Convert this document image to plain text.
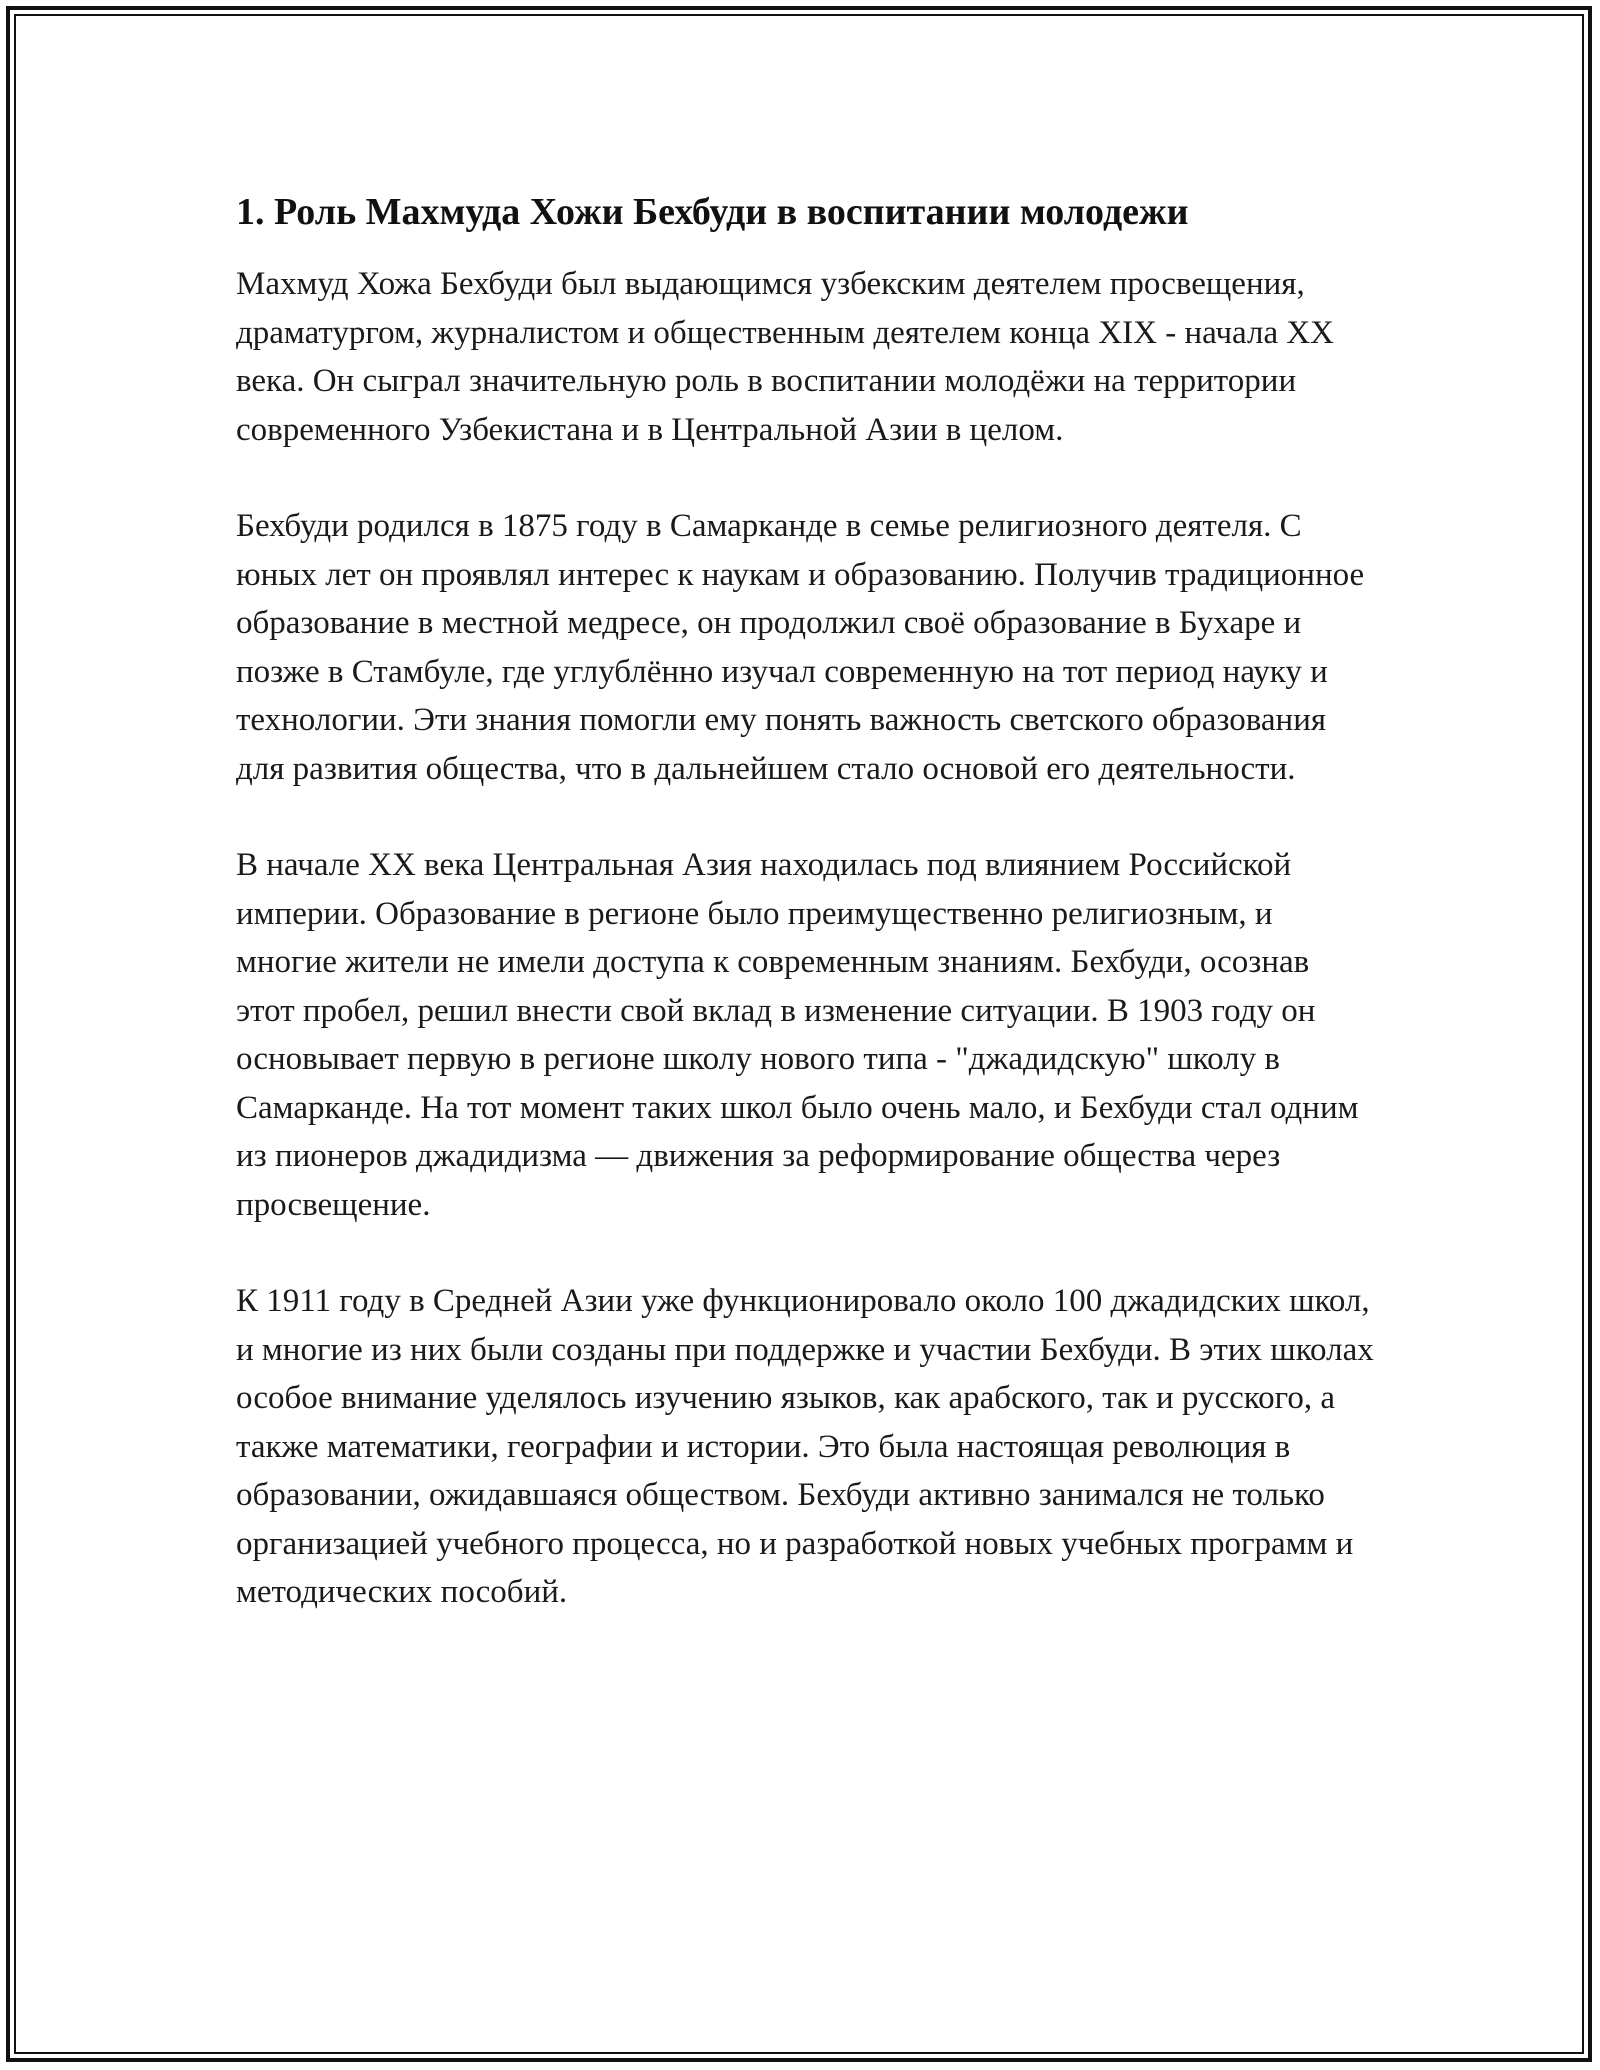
1. Роль Махмуда Хожи Бехбуди в воспитании молодежи

Махмуд Хожа Бехбуди был выдающимся узбекским деятелем просвещения, драматургом, журналистом и общественным деятелем конца XIX - начала XX века. Он сыграл значительную роль в воспитании молодёжи на территории современного Узбекистана и в Центральной Азии в целом.

Бехбуди родился в 1875 году в Самарканде в семье религиозного деятеля. С юных лет он проявлял интерес к наукам и образованию. Получив традиционное образование в местной медресе, он продолжил своё образование в Бухаре и позже в Стамбуле, где углублённо изучал современную на тот период науку и технологии. Эти знания помогли ему понять важность светского образования для развития общества, что в дальнейшем стало основой его деятельности.

В начале XX века Центральная Азия находилась под влиянием Российской империи. Образование в регионе было преимущественно религиозным, и многие жители не имели доступа к современным знаниям. Бехбуди, осознав этот пробел, решил внести свой вклад в изменение ситуации. В 1903 году он основывает первую в регионе школу нового типа - "джадидскую" школу в Самарканде. На тот момент таких школ было очень мало, и Бехбуди стал одним из пионеров джадидизма — движения за реформирование общества через просвещение.

К 1911 году в Средней Азии уже функционировало около 100 джадидских школ, и многие из них были созданы при поддержке и участии Бехбуди. В этих школах особое внимание уделялось изучению языков, как арабского, так и русского, а также математики, географии и истории. Это была настоящая революция в образовании, ожидавшаяся обществом. Бехбуди активно занимался не только организацией учебного процесса, но и разработкой новых учебных программ и методических пособий.
